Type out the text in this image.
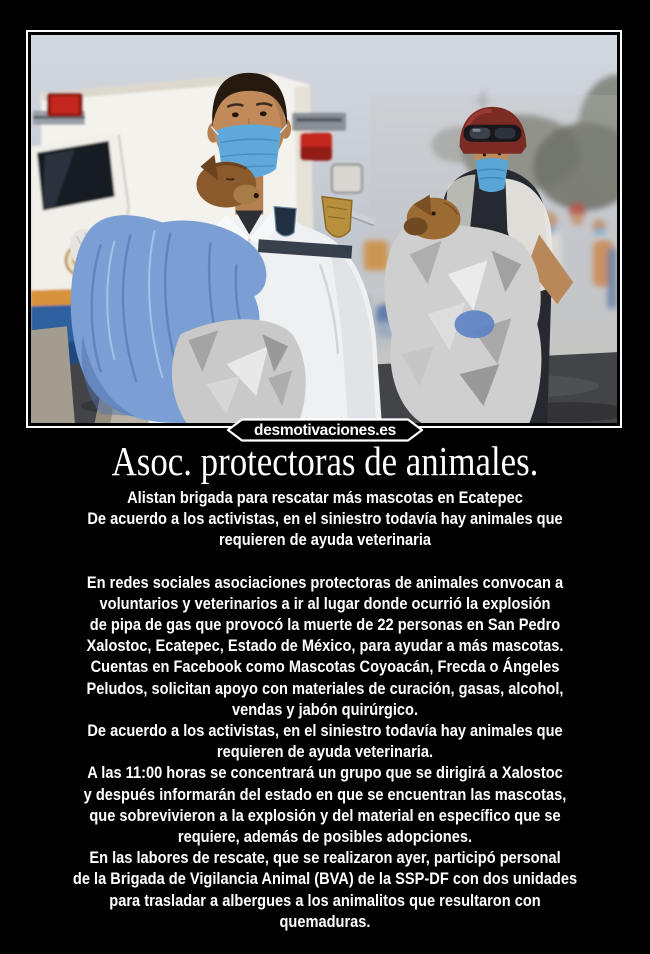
desmotivaciones.es
Asoc. protectoras de animales.
Alistan brigada para rescatar más mascotas en Ecatepec
De acuerdo a los activistas, en el siniestro todavía hay animales que
requieren de ayuda veterinaria
En redes sociales asociaciones protectoras de animales convocan a
voluntarios y veterinarios a ir al lugar donde ocurrió la explosión
de pipa de gas que provocó la muerte de 22 personas en San Pedro
Xalostoc, Ecatepec, Estado de México, para ayudar a más mascotas.
Cuentas en Facebook como Mascotas Coyoacán, Frecda o Ángeles
Peludos, solicitan apoyo con materiales de curación, gasas, alcohol,
vendas y jabón quirúrgico.
De acuerdo a los activistas, en el siniestro todavía hay animales que
requieren de ayuda veterinaria.
A las 11:00 horas se concentrará un grupo que se dirigirá a Xalostoc
y después informarán del estado en que se encuentran las mascotas,
que sobrevivieron a la explosión y del material en específico que se
requiere, además de posibles adopciones.
En las labores de rescate, que se realizaron ayer, participó personal
de la Brigada de Vigilancia Animal (BVA) de la SSP-DF con dos unidades
para trasladar a albergues a los animalitos que resultaron con
quemaduras.
